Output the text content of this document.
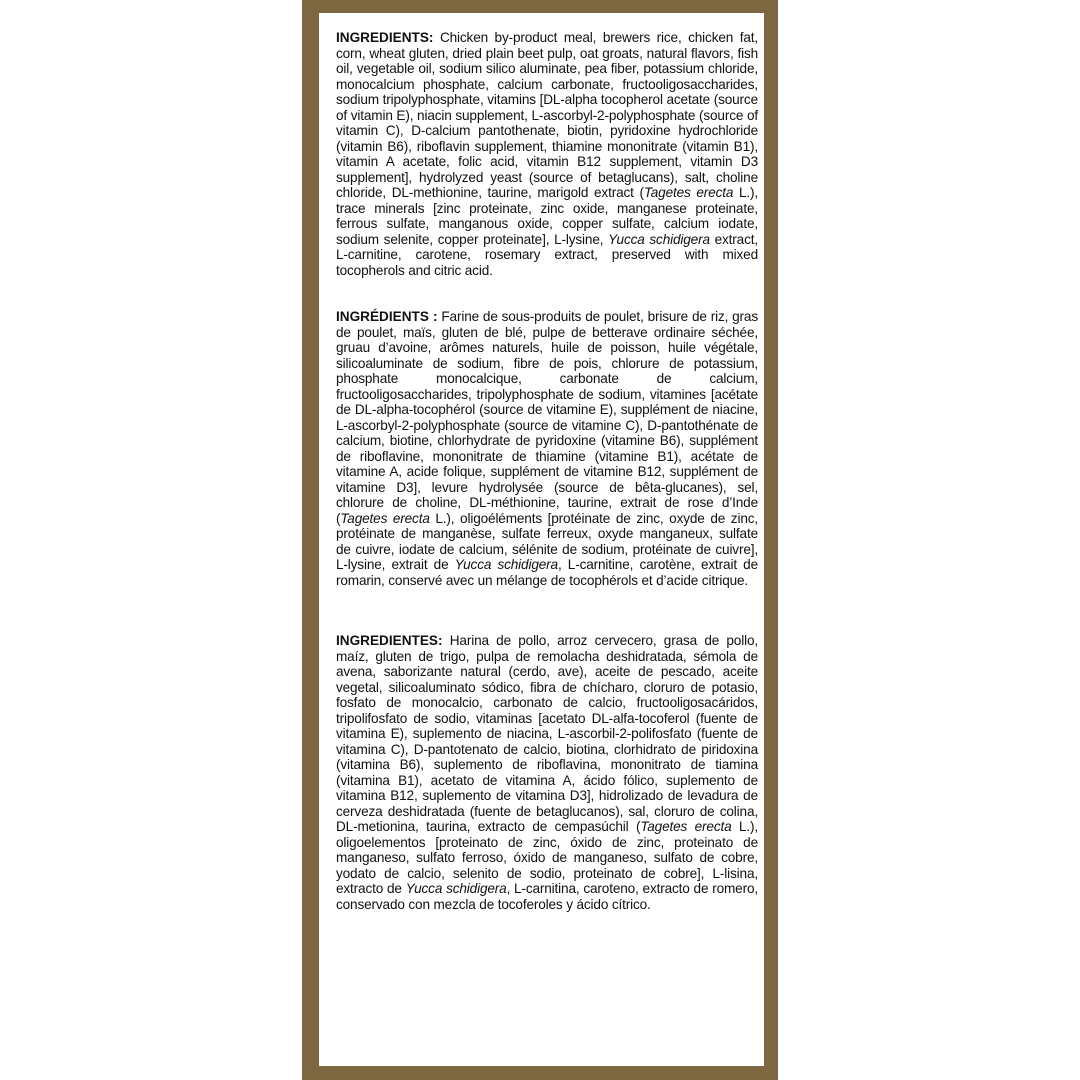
INGREDIENTS: Chicken by-product meal, brewers rice, chicken fat, corn, wheat gluten, dried plain beet pulp, oat groats, natural flavors, fish oil, vegetable oil, sodium silico aluminate, pea fiber, potassium chloride, monocalcium phosphate, calcium carbonate, fructooligosaccharides, sodium tripolyphosphate, vitamins [DL-alpha tocopherol acetate (source of vitamin E), niacin supplement, L-ascorbyl-2-polyphosphate (source of vitamin C), D-calcium pantothenate, biotin, pyridoxine hydrochloride (vitamin B6), riboflavin supplement, thiamine mononitrate (vitamin B1), vitamin A acetate, folic acid, vitamin B12 supplement, vitamin D3 supplement], hydrolyzed yeast (source of betaglucans), salt, choline chloride, DL-methionine, taurine, marigold extract (Tagetes erecta L.), trace minerals [zinc proteinate, zinc oxide, manganese proteinate, ferrous sulfate, manganous oxide, copper sulfate, calcium iodate, sodium selenite, copper proteinate], L-lysine, Yucca schidigera extract, L-carnitine, carotene, rosemary extract, preserved with mixed tocopherols and citric acid.

INGRÉDIENTS : Farine de sous-produits de poulet, brisure de riz, gras de poulet, maïs, gluten de blé, pulpe de betterave ordinaire séchée, gruau d’avoine, arômes naturels, huile de poisson, huile végétale, silicoaluminate de sodium, fibre de pois, chlorure de potassium, phosphate monocalcique, carbonate de calcium, fructooligosaccharides, tripolyphosphate de sodium, vitamines [acétate de DL-alpha-tocophérol (source de vitamine E), supplément de niacine, L-ascorbyl-2-polyphosphate (source de vitamine C), D-pantothénate de calcium, biotine, chlorhydrate de pyridoxine (vitamine B6), supplément de riboflavine, mononitrate de thiamine (vitamine B1), acétate de vitamine A, acide folique, supplément de vitamine B12, supplément de vitamine D3], levure hydrolysée (source de bêta-glucanes), sel, chlorure de choline, DL-méthionine, taurine, extrait de rose d’Inde (Tagetes erecta L.), oligoéléments [protéinate de zinc, oxyde de zinc, protéinate de manganèse, sulfate ferreux, oxyde manganeux, sulfate de cuivre, iodate de calcium, sélénite de sodium, protéinate de cuivre], L-lysine, extrait de Yucca schidigera, L-carnitine, carotène, extrait de romarin, conservé avec un mélange de tocophérols et d’acide citrique.

INGREDIENTES: Harina de pollo, arroz cervecero, grasa de pollo, maíz, gluten de trigo, pulpa de remolacha deshidratada, sémola de avena, saborizante natural (cerdo, ave), aceite de pescado, aceite vegetal, silicoaluminato sódico, fibra de chícharo, cloruro de potasio, fosfato de monocalcio, carbonato de calcio, fructooligosacáridos, tripolifosfato de sodio, vitaminas [acetato DL-alfa-tocoferol (fuente de vitamina E), suplemento de niacina, L-ascorbil-2-polifosfato (fuente de vitamina C), D-pantotenato de calcio, biotina, clorhidrato de piridoxina (vitamina B6), suplemento de riboflavina, mononitrato de tiamina (vitamina B1), acetato de vitamina A, ácido fólico, suplemento de vitamina B12, suplemento de vitamina D3], hidrolizado de levadura de cerveza deshidratada (fuente de betaglucanos), sal, cloruro de colina, DL-metionina, taurina, extracto de cempasúchil (Tagetes erecta L.), oligoelementos [proteinato de zinc, óxido de zinc, proteinato de manganeso, sulfato ferroso, óxido de manganeso, sulfato de cobre, yodato de calcio, selenito de sodio, proteinato de cobre], L-lisina, extracto de Yucca schidigera, L-carnitina, caroteno, extracto de romero, conservado con mezcla de tocoferoles y ácido cítrico.
